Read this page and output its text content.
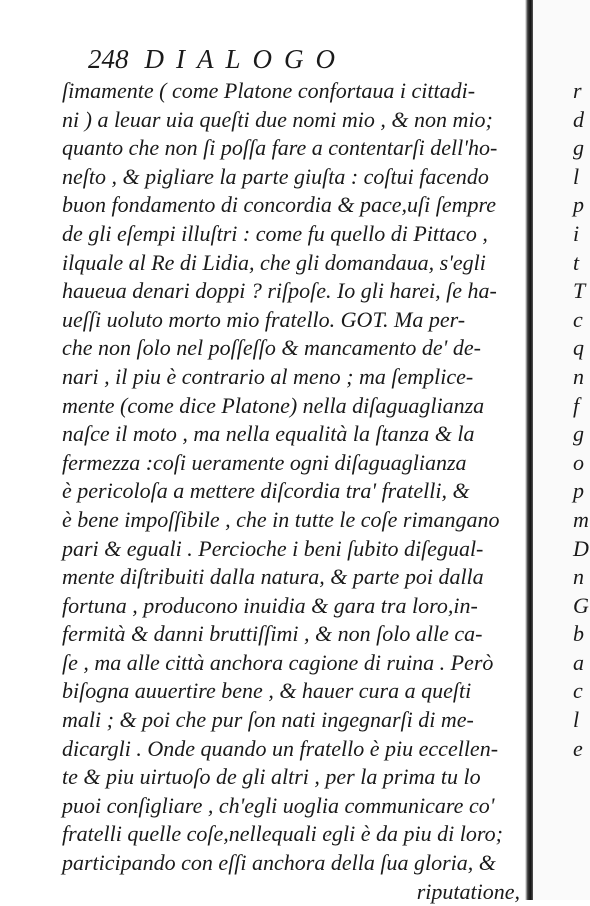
248 DIALOGO
ſimamente ( come Platone confortaua i cittadi-
ni ) a leuar uia queſti due nomi mio , & non mio;
quanto che non ſi poſſa fare a contentarſi dell'ho-
neſto , & pigliare la parte giuſta : coſtui facendo
buon fondamento di concordia & pace,uſi ſempre
de gli eſempi illuſtri : come fu quello di Pittaco ,
ilquale al Re di Lidia, che gli domandaua, s'egli
haueua denari doppi ? riſpoſe. Io gli harei, ſe ha-
ueſſi uoluto morto mio fratello. GOT. Ma per-
che non ſolo nel poſſeſſo & mancamento de' de-
nari , il piu è contrario al meno ; ma ſemplice-
mente (come dice Platone) nella diſaguaglianza
naſce il moto , ma nella equalità la ſtanza & la
fermezza :coſi ueramente ogni diſaguaglianza
è pericoloſa a mettere diſcordia tra' fratelli, &
è bene impoſſibile , che in tutte le coſe rimangano
pari & eguali . Percioche i beni ſubito diſegual-
mente diſtribuiti dalla natura, & parte poi dalla
fortuna , producono inuidia & gara tra loro,in-
fermità & danni bruttiſſimi , & non ſolo alle ca-
ſe , ma alle città anchora cagione di ruina . Però
biſogna auuertire bene , & hauer cura a queſti
mali ; & poi che pur ſon nati ingegnarſi di me-
dicargli . Onde quando un fratello è piu eccellen-
te & piu uirtuoſo de gli altri , per la prima tu lo
puoi conſigliare , ch'egli uoglia communicare co'
fratelli quelle coſe,nellequali egli è da piu di loro;
participando con eſſi anchora della ſua gloria, &
riputatione,
r
d
g
l
p
i
t
T
c
q
n
f
g
o
p
m
D
n
G
b
a
c
l
e
